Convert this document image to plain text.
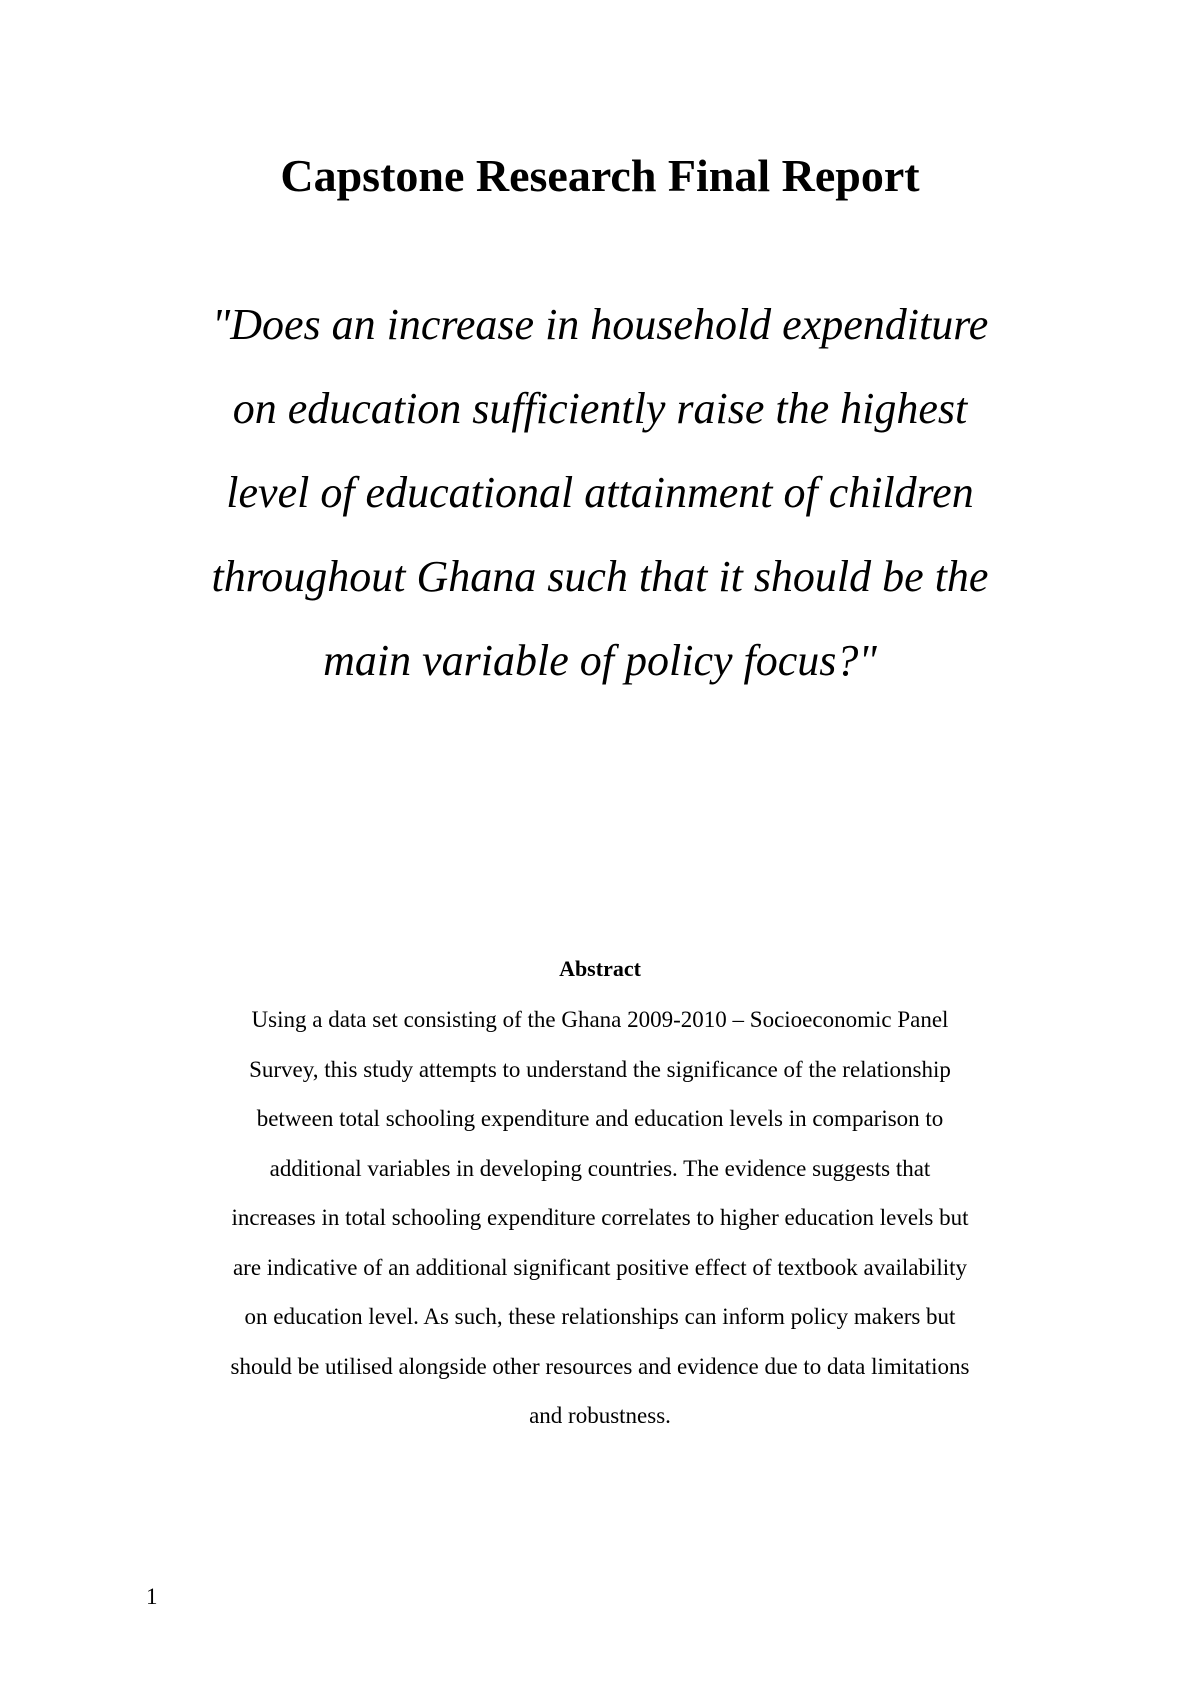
Capstone Research Final Report

"Does an increase in household expenditure
on education sufficiently raise the highest
level of educational attainment of children
throughout Ghana such that it should be the
main variable of policy focus?"

Abstract

Using a data set consisting of the Ghana 2009-2010 – Socioeconomic Panel
Survey, this study attempts to understand the significance of the relationship
between total schooling expenditure and education levels in comparison to
additional variables in developing countries. The evidence suggests that
increases in total schooling expenditure correlates to higher education levels but
are indicative of an additional significant positive effect of textbook availability
on education level. As such, these relationships can inform policy makers but
should be utilised alongside other resources and evidence due to data limitations
and robustness.

1
